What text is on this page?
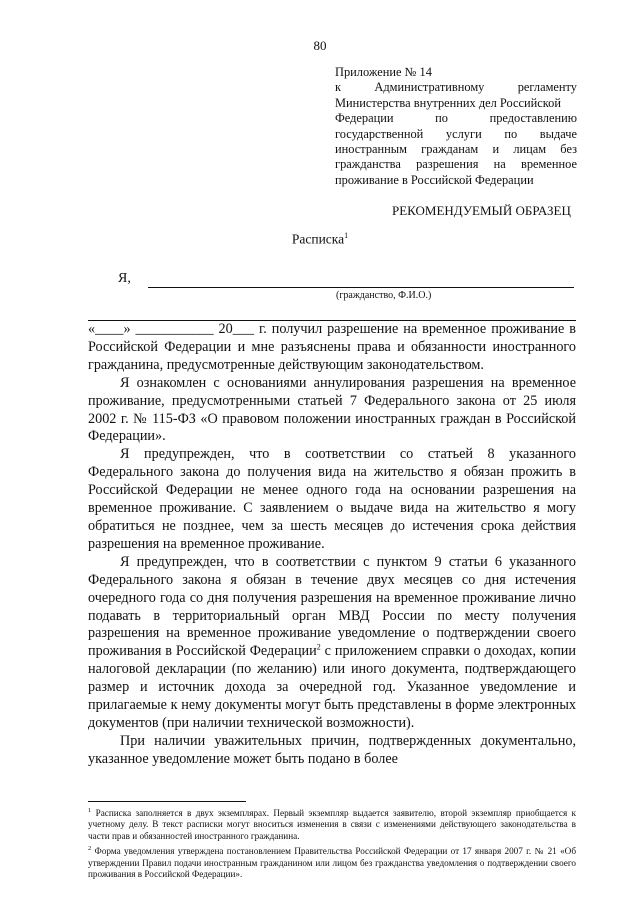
80
Приложение № 14
к Административному регламенту
Министерства внутренних дел Российской
Федерации по предоставлению
государственной услуги по выдаче
иностранным гражданам и лицам без
гражданства разрешения на временное
проживание в Российской Федерации
РЕКОМЕНДУЕМЫЙ ОБРАЗЕЦ
Расписка$^1$
Я,
(гражданство, Ф.И.О.)

«____» ___________ 20___ г. получил разрешение на временное проживание в Российской Федерации и мне разъяснены права и обязанности иностранного гражданина, предусмотренные действующим законодательством.

Я ознакомлен с основаниями аннулирования разрешения на временное проживание, предусмотренными статьей 7 Федерального закона от 25 июля 2002 г. № 115-ФЗ «О правовом положении иностранных граждан в Российской Федерации».

Я предупрежден, что в соответствии со статьей 8 указанного Федерального закона до получения вида на жительство я обязан прожить в Российской Федерации не менее одного года на основании разрешения на временное проживание. С заявлением о выдаче вида на жительство я могу обратиться не позднее, чем за шесть месяцев до истечения срока действия разрешения на временное проживание.

Я предупрежден, что в соответствии с пунктом 9 статьи 6 указанного Федерального закона я обязан в течение двух месяцев со дня истечения очередного года со дня получения разрешения на временное проживание лично подавать в территориальный орган МВД России по месту получения разрешения на временное проживание уведомление о подтверждении своего проживания в Российской Федерации$^2$ с приложением справки о доходах, копии налоговой декларации (по желанию) или иного документа, подтверждающего размер и источник дохода за очередной год. Указанное уведомление и прилагаемые к нему документы могут быть представлены в форме электронных документов (при наличии технической возможности).

При наличии уважительных причин, подтвержденных документально, указанное уведомление может быть подано в более

$^1$ Расписка заполняется в двух экземплярах. Первый экземпляр выдается заявителю, второй экземпляр приобщается к учетному делу. В текст расписки могут вноситься изменения в связи с изменениями действующего законодательства в части прав и обязанностей иностранного гражданина.

$^2$ Форма уведомления утверждена постановлением Правительства Российской Федерации от 17 января 2007 г. № 21 «Об утверждении Правил подачи иностранным гражданином или лицом без гражданства уведомления о подтверждении своего проживания в Российской Федерации».
